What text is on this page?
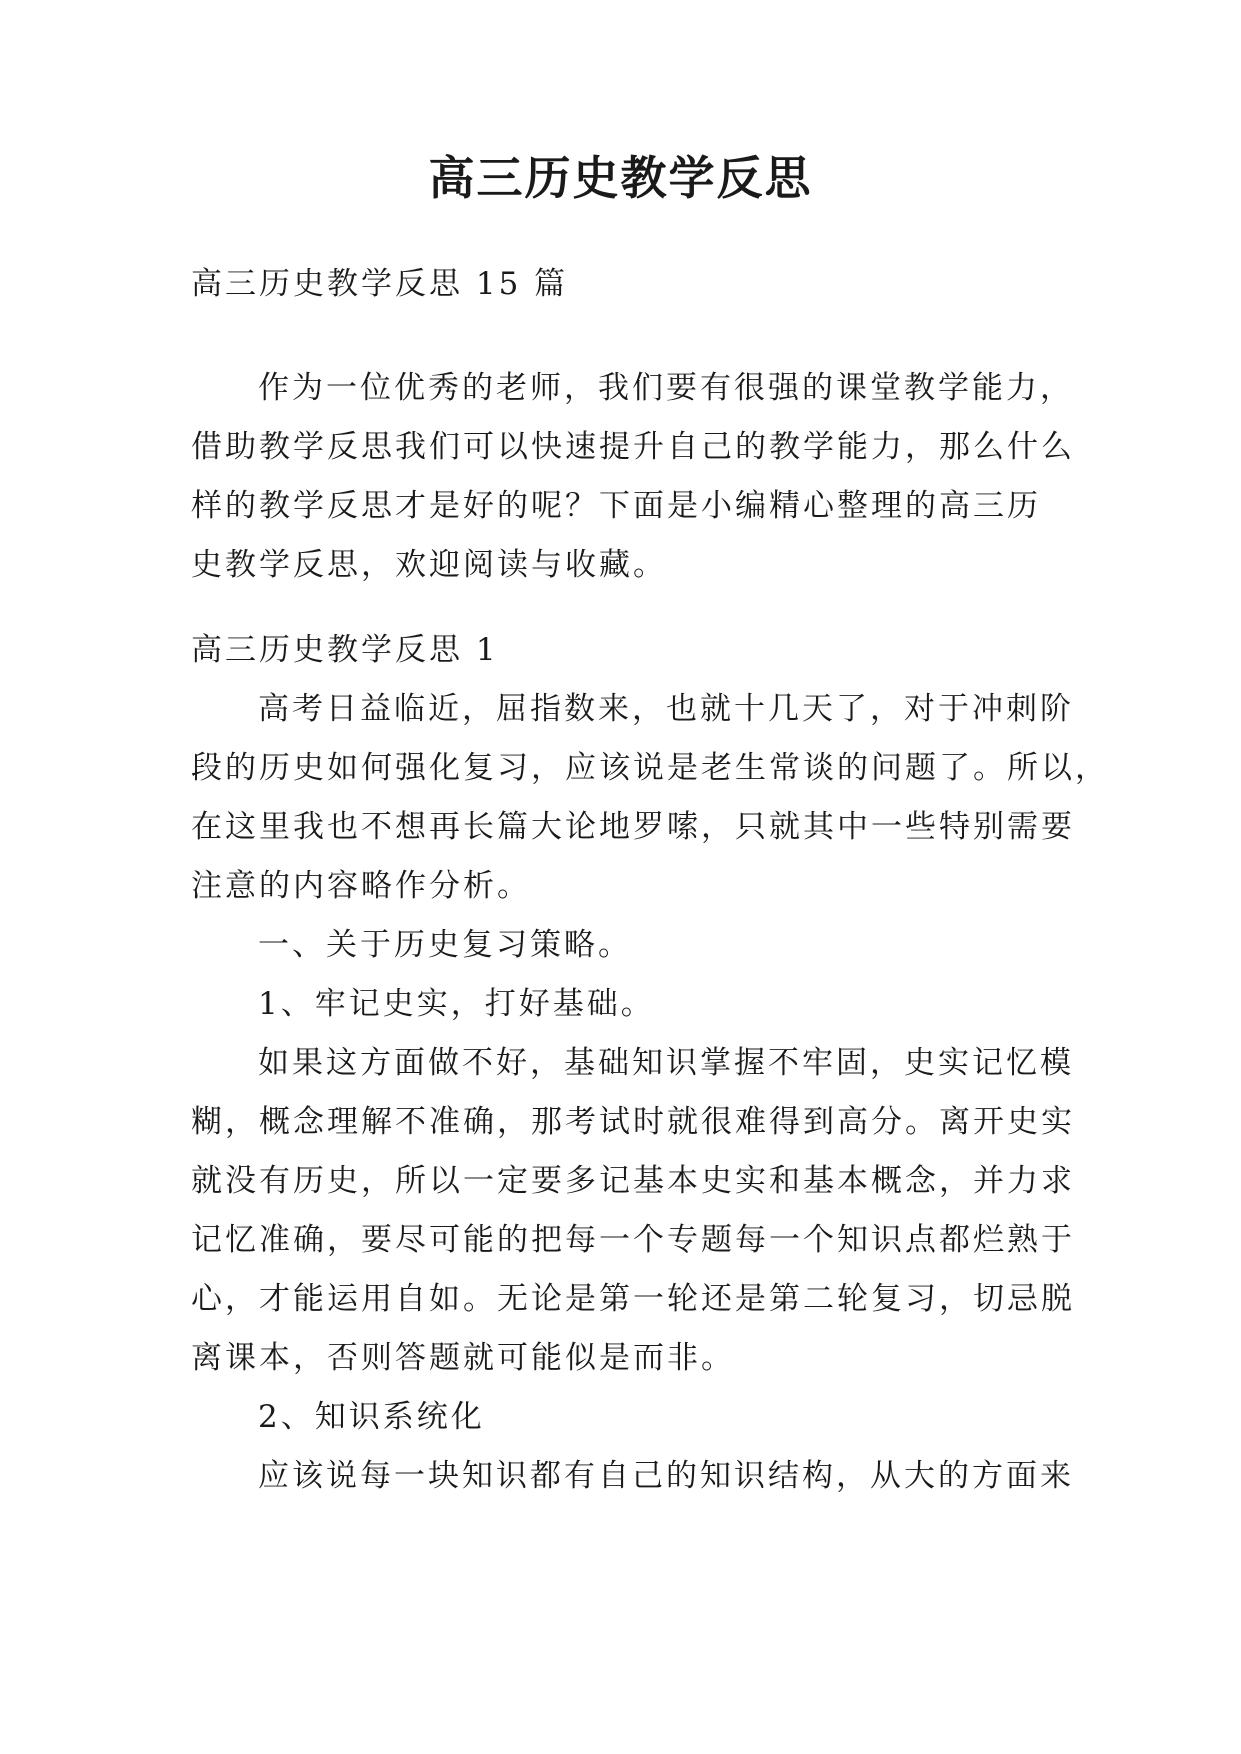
高三历史教学反思
高三历史教学反思 15 篇
作为一位优秀的老师，我们要有很强的课堂教学能力，
借助教学反思我们可以快速提升自己的教学能力，那么什么
样的教学反思才是好的呢？下面是小编精心整理的高三历
史教学反思，欢迎阅读与收藏。
高三历史教学反思 1
高考日益临近，屈指数来，也就十几天了，对于冲刺阶
段的历史如何强化复习，应该说是老生常谈的问题了。所以，
在这里我也不想再长篇大论地罗嗦，只就其中一些特别需要
注意的内容略作分析。
一、关于历史复习策略。
1、牢记史实，打好基础。
如果这方面做不好，基础知识掌握不牢固，史实记忆模
糊，概念理解不准确，那考试时就很难得到高分。离开史实
就没有历史，所以一定要多记基本史实和基本概念，并力求
记忆准确，要尽可能的把每一个专题每一个知识点都烂熟于
心，才能运用自如。无论是第一轮还是第二轮复习，切忌脱
离课本，否则答题就可能似是而非。
2、知识系统化
应该说每一块知识都有自己的知识结构，从大的方面来
